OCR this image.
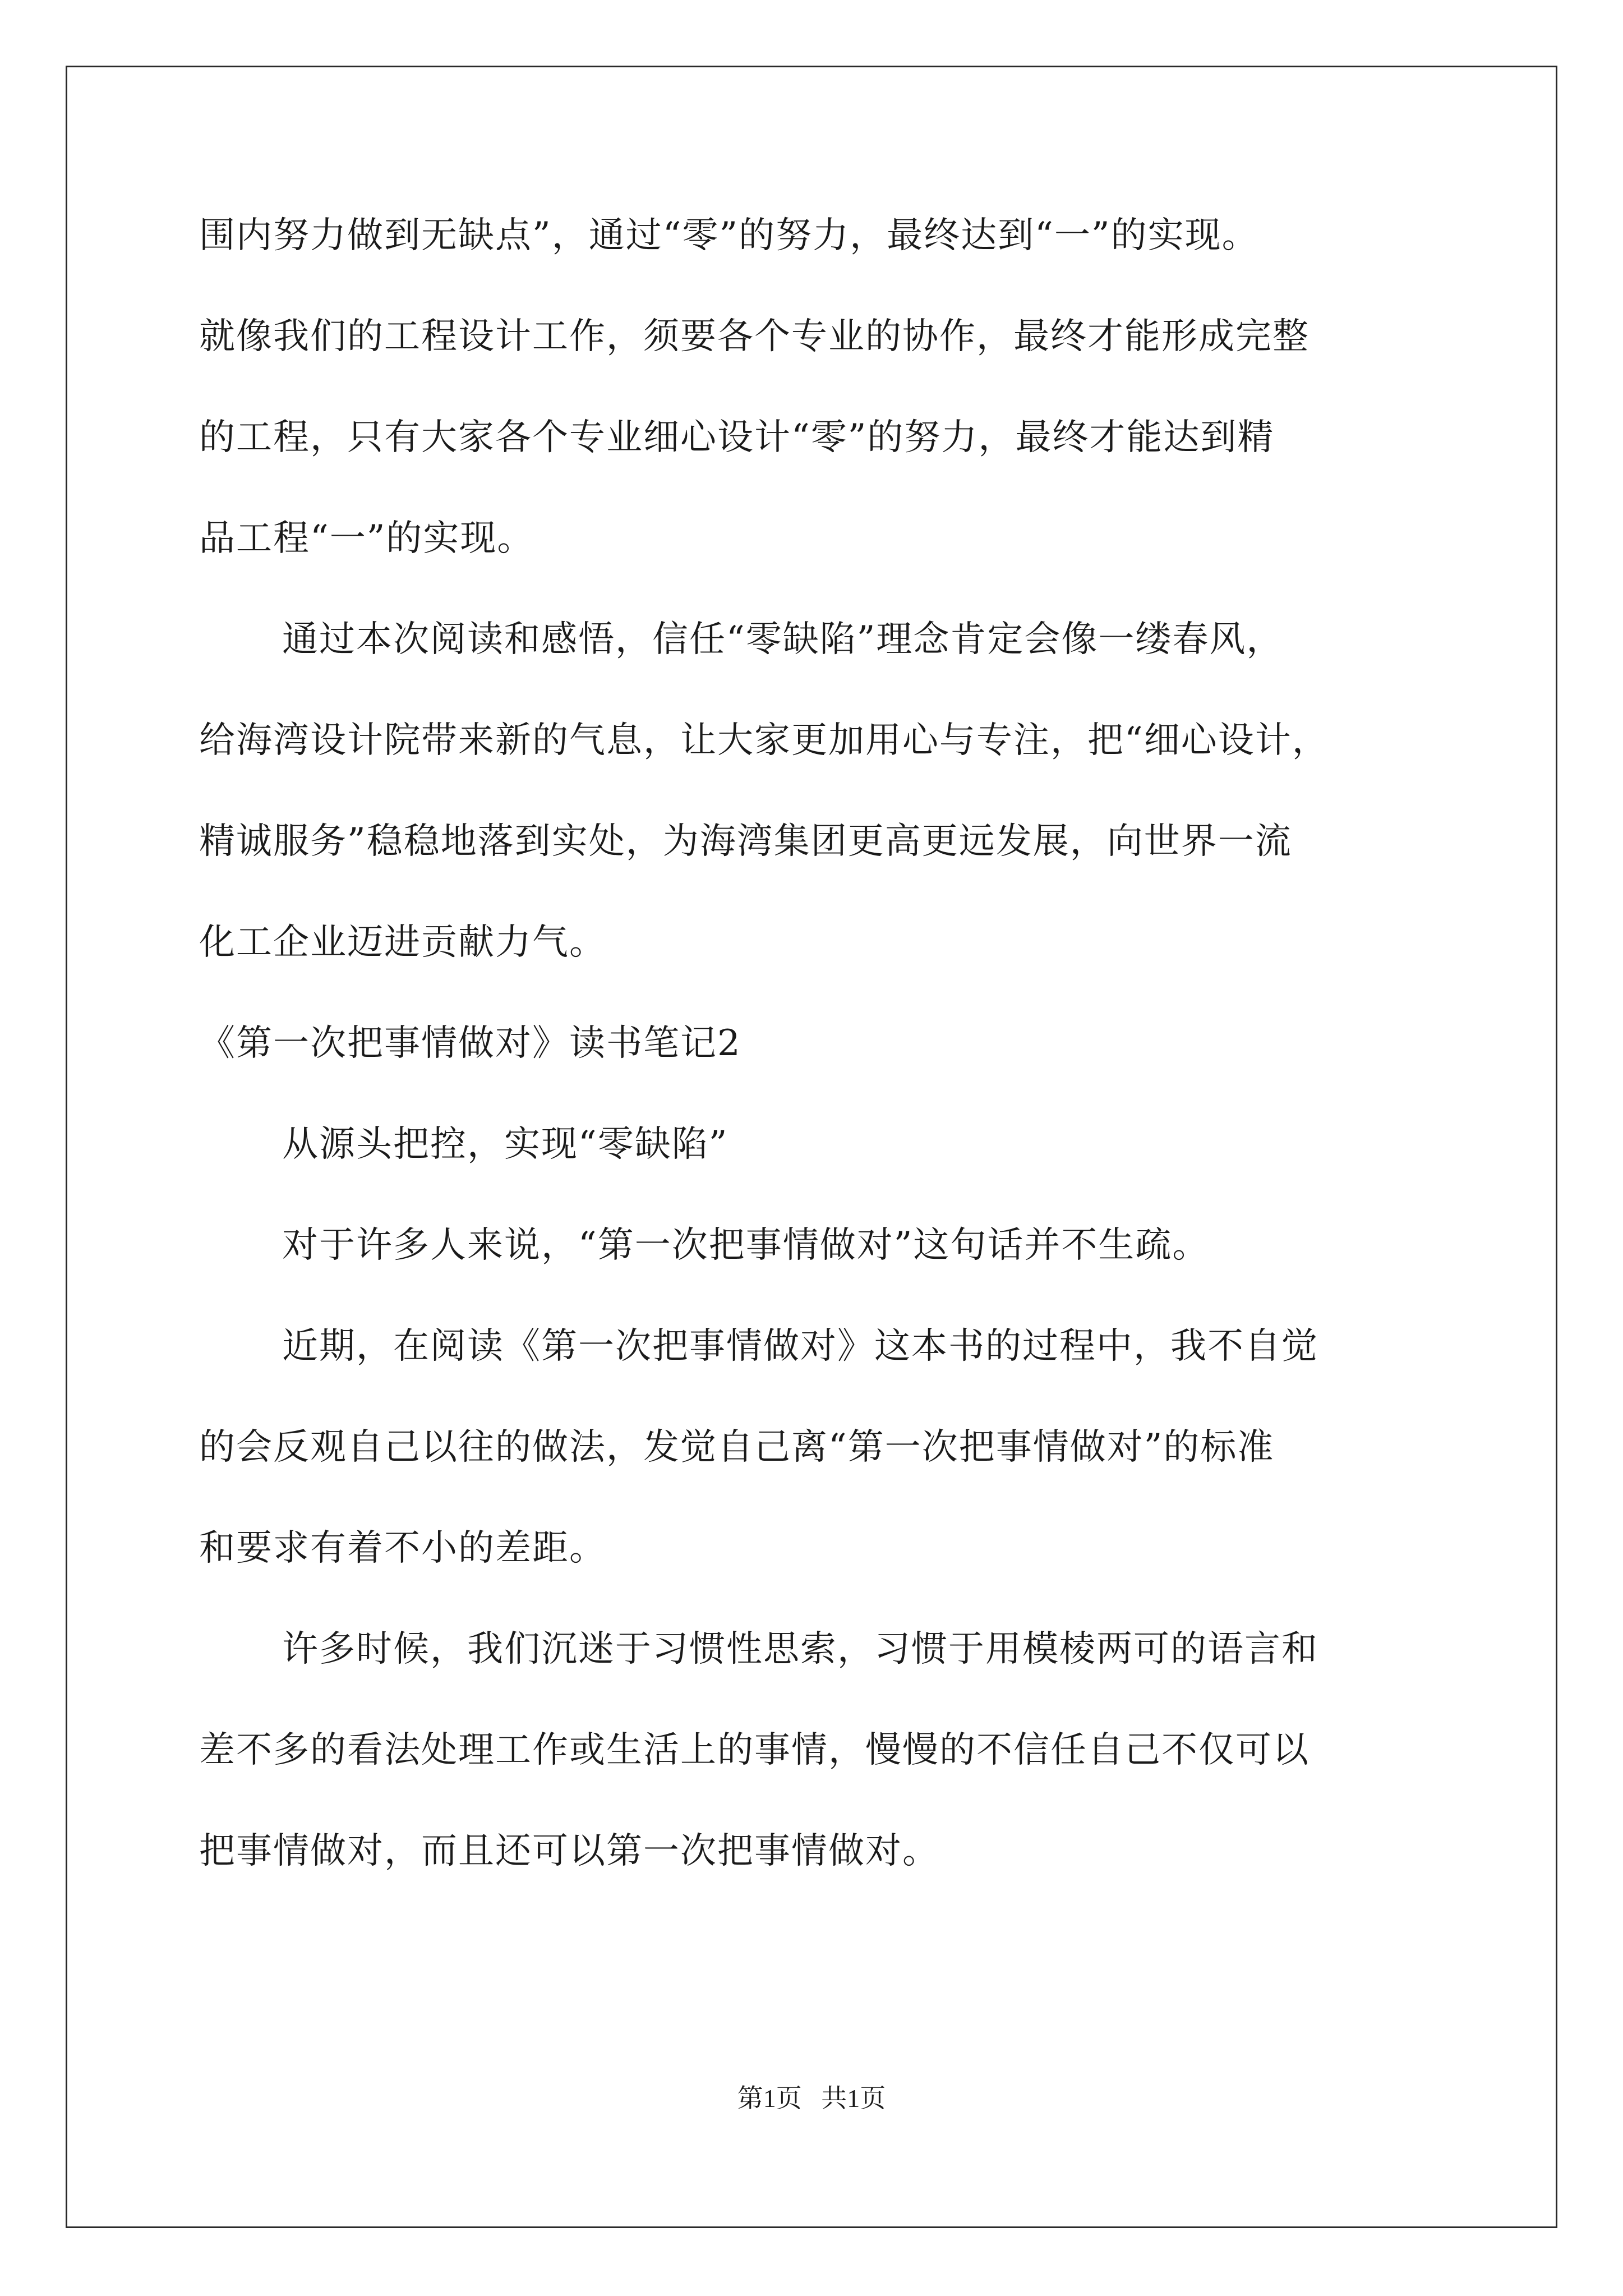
围内努力做到无缺点”，通过“零”的努力，最终达到“一”的实现。
就像我们的工程设计工作，须要各个专业的协作，最终才能形成完整
的工程，只有大家各个专业细心设计“零”的努力，最终才能达到精
品工程“一”的实现。
通过本次阅读和感悟，信任“零缺陷”理念肯定会像一缕春风，
给海湾设计院带来新的气息，让大家更加用心与专注，把“细心设计，
精诚服务”稳稳地落到实处，为海湾集团更高更远发展，向世界一流
化工企业迈进贡献力气。
《第一次把事情做对》读书笔记2
从源头把控，实现“零缺陷”
对于许多人来说，“第一次把事情做对”这句话并不生疏。
近期，在阅读《第一次把事情做对》这本书的过程中，我不自觉
的会反观自己以往的做法，发觉自己离“第一次把事情做对”的标准
和要求有着不小的差距。
许多时候，我们沉迷于习惯性思索，习惯于用模棱两可的语言和
差不多的看法处理工作或生活上的事情，慢慢的不信任自己不仅可以
把事情做对，而且还可以第一次把事情做对。
第1页   共1页
